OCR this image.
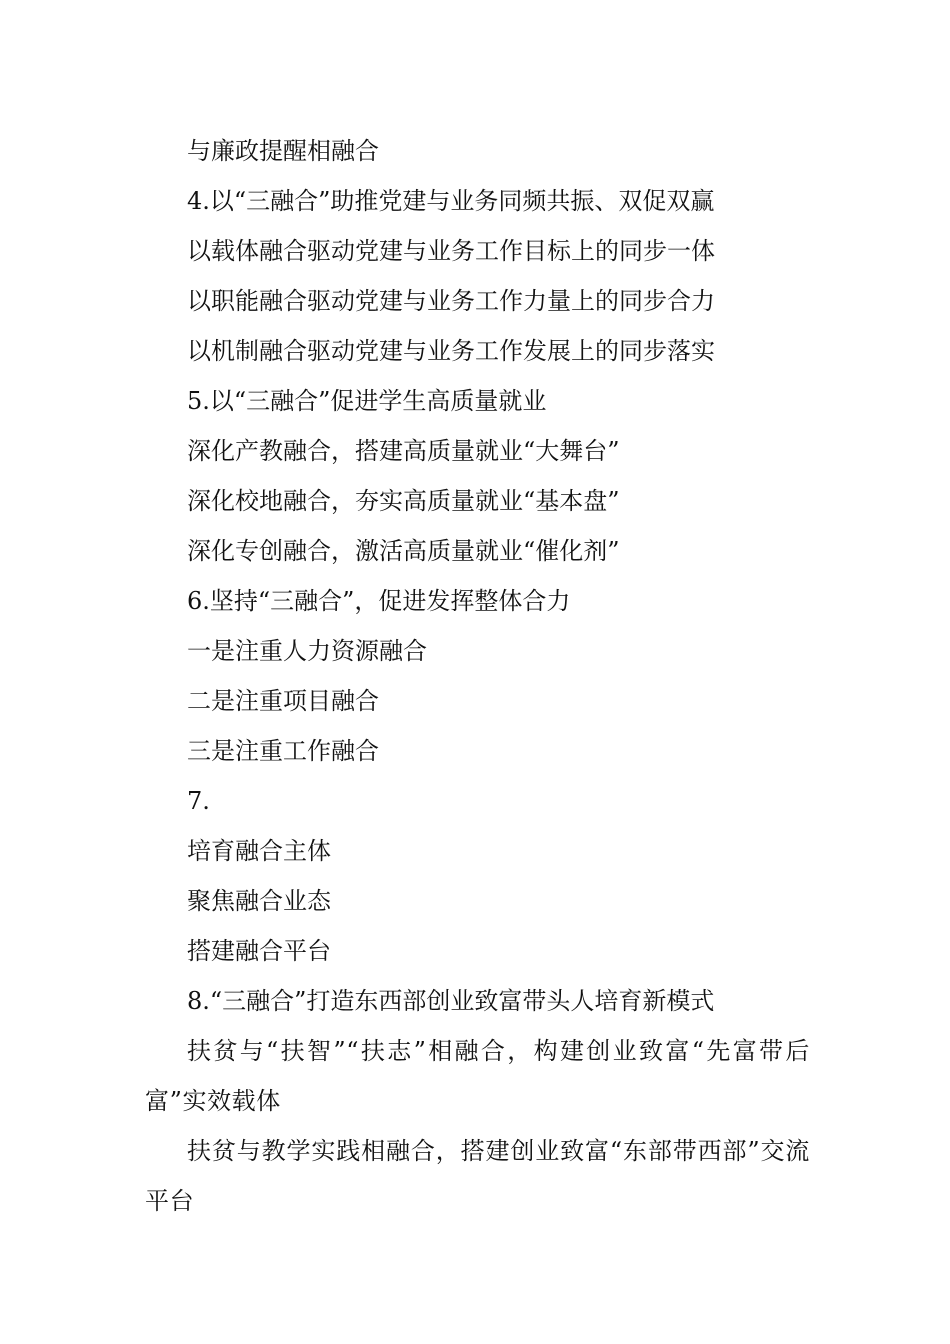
与廉政提醒相融合
4.以“三融合”助推党建与业务同频共振、双促双赢
以载体融合驱动党建与业务工作目标上的同步一体
以职能融合驱动党建与业务工作力量上的同步合力
以机制融合驱动党建与业务工作发展上的同步落实
5.以“三融合”促进学生高质量就业
深化产教融合，搭建高质量就业“大舞台”
深化校地融合，夯实高质量就业“基本盘”
深化专创融合，激活高质量就业“催化剂”
6.坚持“三融合”，促进发挥整体合力
一是注重人力资源融合
二是注重项目融合
三是注重工作融合
7.
培育融合主体
聚焦融合业态
搭建融合平台
8.“三融合”打造东西部创业致富带头人培育新模式
扶贫与“扶智”“扶志”相融合，构建创业致富“先富带后富”实效载体
扶贫与教学实践相融合，搭建创业致富“东部带西部”交流平台
